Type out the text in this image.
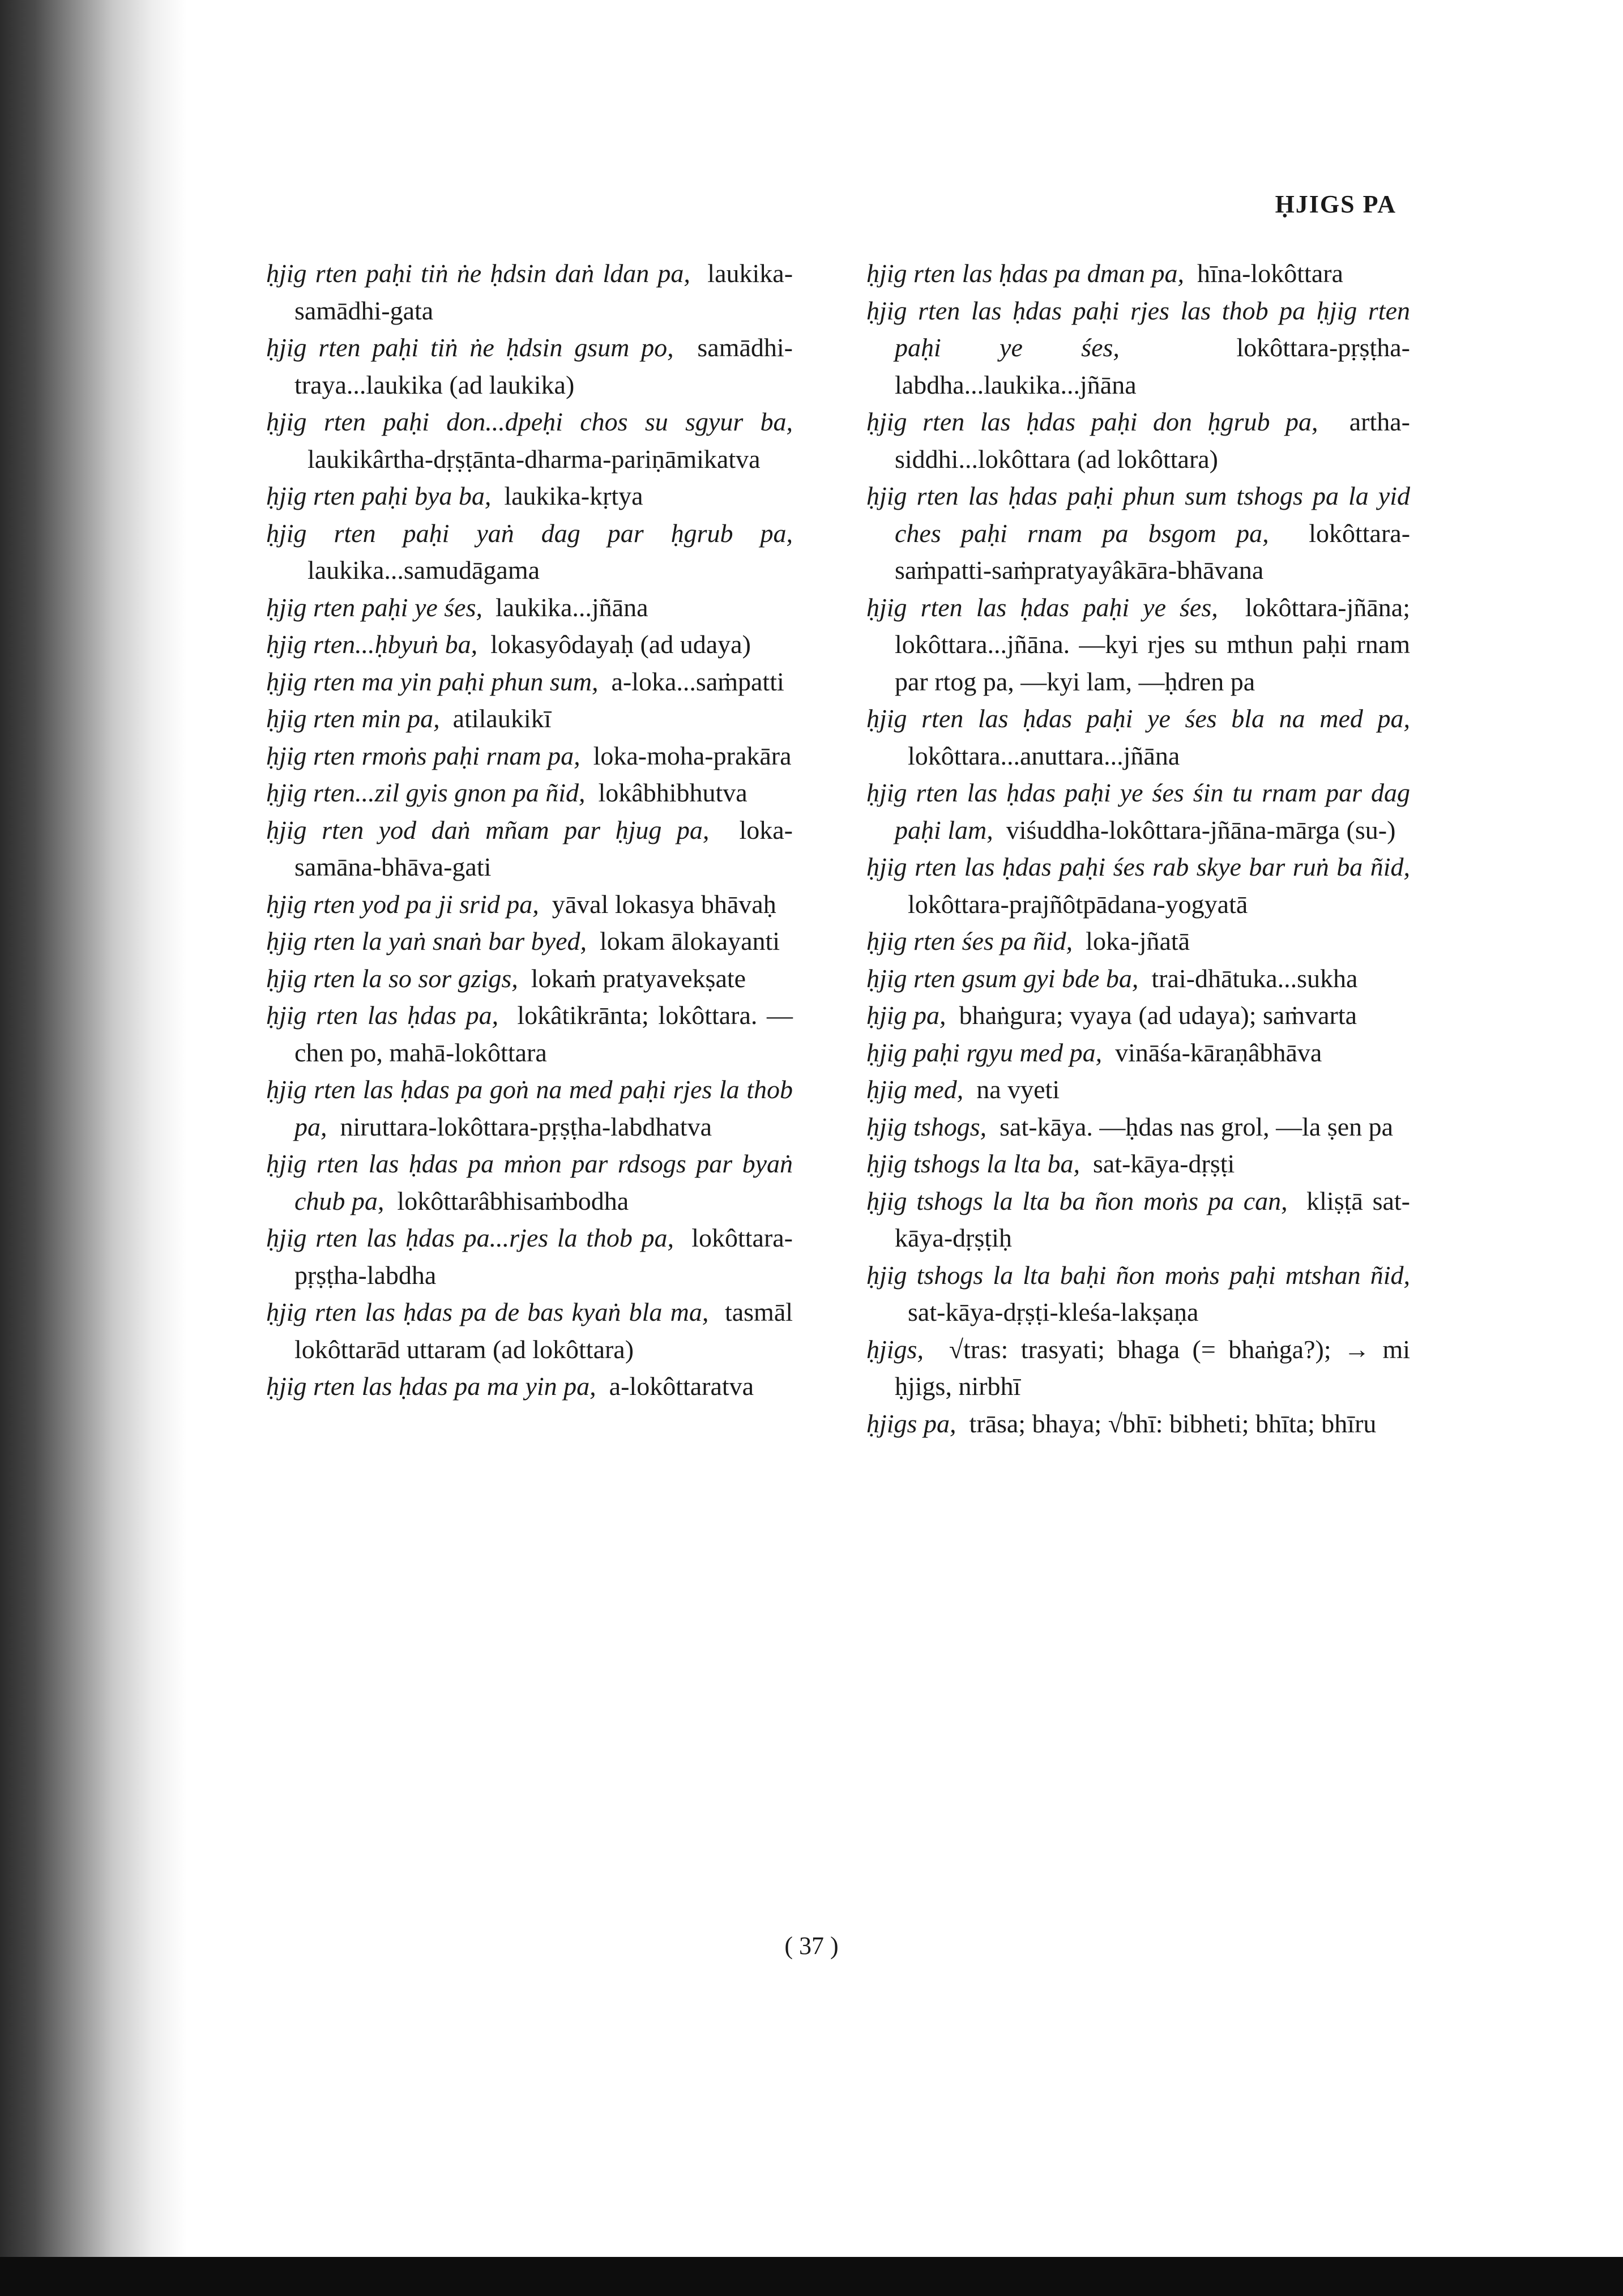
ḤJIGS PA
ḥjig rten paḥi tiṅ ṅe ḥdsin daṅ ldan pa, laukika-samādhi-gata
ḥjig rten paḥi tiṅ ṅe ḥdsin gsum po, samādhi-traya...laukika (ad laukika)
ḥjig rten paḥi don...dpeḥi chos su sgyur ba,  laukikârtha-dṛṣṭānta-dharma-pariṇāmikatva
ḥjig rten paḥi bya ba, laukika-kṛtya
ḥjig rten paḥi yaṅ dag par ḥgrub pa,  laukika...samudāgama
ḥjig rten paḥi ye śes, laukika...jñāna
ḥjig rten...ḥbyuṅ ba, lokasyôdayaḥ (ad udaya)
ḥjig rten ma yin paḥi phun sum, a-loka...saṁpatti
ḥjig rten min pa, atilaukikī
ḥjig rten rmoṅs paḥi rnam pa, loka-moha-prakāra
ḥjig rten...zil gyis gnon pa ñid, lokâbhibhutva
ḥjig rten yod daṅ mñam par ḥjug pa, loka-samāna-bhāva-gati
ḥjig rten yod pa ji srid pa, yāval lokasya bhāvaḥ
ḥjig rten la yaṅ snaṅ bar byed, lokam ālokayanti
ḥjig rten la so sor gzigs, lokaṁ pratyavekṣate
ḥjig rten las ḥdas pa, lokâtikrānta; lokôttara. —chen po, mahā-lokôttara
ḥjig rten las ḥdas pa goṅ na med paḥi rjes la thob pa, niruttara-lokôttara-pṛṣṭha-labdhatva
ḥjig rten las ḥdas pa mṅon par rdsogs par byaṅ chub pa, lokôttarâbhisaṁbodha
ḥjig rten las ḥdas pa...rjes la thob pa, lokôttara-pṛṣṭha-labdha
ḥjig rten las ḥdas pa de bas kyaṅ bla ma, tasmāl lokôttarād uttaram (ad lokôttara)
ḥjig rten las ḥdas pa ma yin pa, a-lokôttaratva
ḥjig rten las ḥdas pa dman pa, hīna-lokôttara
ḥjig rten las ḥdas paḥi rjes las thob pa ḥjig rten paḥi ye śes,	lokôttara-pṛṣṭha-labdha...laukika...jñāna
ḥjig rten las ḥdas paḥi don ḥgrub pa, artha-siddhi...lokôttara (ad lokôttara)
ḥjig rten las ḥdas paḥi phun sum tshogs pa la yid ches paḥi rnam pa bsgom pa, lokôttara-saṁpatti-saṁpratyayâkāra-bhāvana
ḥjig rten las ḥdas paḥi ye śes, lokôttara-jñāna; lokôttara...jñāna. —kyi rjes su mthun paḥi rnam par rtog pa, —kyi lam, —ḥdren pa
ḥjig rten las ḥdas paḥi ye śes bla na med pa,  lokôttara...anuttara...jñāna
ḥjig rten las ḥdas paḥi ye śes śin tu rnam par dag paḥi lam, viśuddha-lokôttara-jñāna-mārga (su-)
ḥjig rten las ḥdas paḥi śes rab skye bar ruṅ ba ñid,  lokôttara-prajñôtpādana-yogyatā
ḥjig rten śes pa ñid, loka-jñatā
ḥjig rten gsum gyi bde ba, trai-dhātuka...sukha
ḥjig pa, bhaṅgura; vyaya (ad udaya); saṁvarta
ḥjig paḥi rgyu med pa, vināśa-kāraṇâbhāva
ḥjig med, na vyeti
ḥjig tshogs, sat-kāya. —ḥdas nas grol, —la ṣen pa
ḥjig tshogs la lta ba, sat-kāya-dṛṣṭi
ḥjig tshogs la lta ba ñon moṅs pa can, kliṣṭā sat-kāya-dṛṣṭiḥ
ḥjig tshogs la lta baḥi ñon moṅs paḥi mtshan ñid,  sat-kāya-dṛṣṭi-kleśa-lakṣaṇa
ḥjigs, √tras: trasyati; bhaga (= bhaṅga?); → mi ḥjigs, nirbhī
ḥjigs pa, trāsa; bhaya; √bhī: bibheti; bhīta; bhīru
( 37 )
